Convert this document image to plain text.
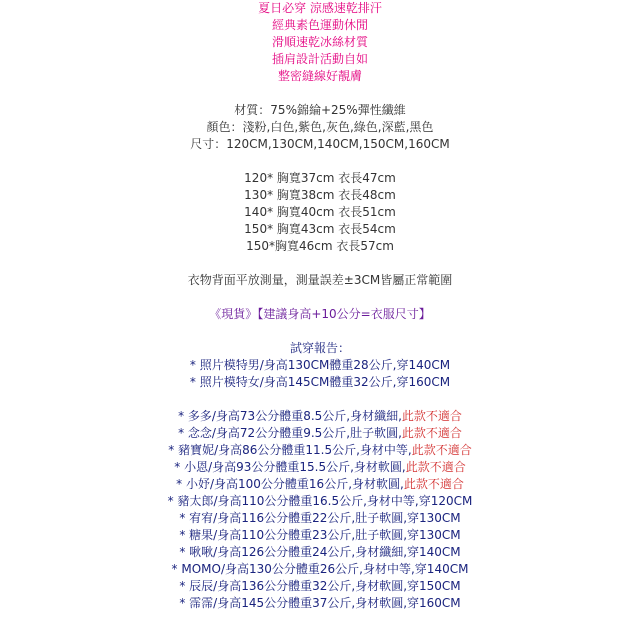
夏日必穿 涼感速乾排汗
經典素色運動休閒
滑順速乾冰絲材質
插肩設計活動自如
整密縫線好靚膚
材質：75%錦綸+25%彈性纖維
顏色：淺粉,白色,紫色,灰色,綠色,深藍,黑色
尺寸：120CM,130CM,140CM,150CM,160CM
120* 胸寬37cm 衣長47cm
130* 胸寬38cm 衣長48cm
140* 胸寬40cm 衣長51cm
150* 胸寬43cm 衣長54cm
150*胸寬46cm 衣長57cm
衣物背面平放測量，測量誤差±3CM皆屬正常範圍
《現貨》【建議身高+10公分=衣服尺寸】
試穿報告：
* 照片模特男/身高130CM體重28公斤,穿140CM
* 照片模特女/身高145CM體重32公斤,穿160CM
* 多多/身高73公分體重8.5公斤,身材纖細,此款不適合
* 念念/身高72公分體重9.5公斤,肚子軟圓,此款不適合
* 豬寶妮/身高86公分體重11.5公斤,身材中等,此款不適合
* 小恩/身高93公分體重15.5公斤,身材軟圓,此款不適合
* 小妤/身高100公分體重16公斤,身材軟圓,此款不適合
* 豬太郎/身高110公分體重16.5公斤,身材中等,穿120CM
* 宥宥/身高116公分體重22公斤,肚子軟圓,穿130CM
* 糖果/身高110公分體重23公斤,肚子軟圓,穿130CM
* 啾啾/身高126公分體重24公斤,身材纖細,穿140CM
* MOMO/身高130公分體重26公斤,身材中等,穿140CM
* 辰辰/身高136公分體重32公斤,身材軟圓,穿150CM
* 霈霈/身高145公分體重37公斤,身材軟圓,穿160CM
